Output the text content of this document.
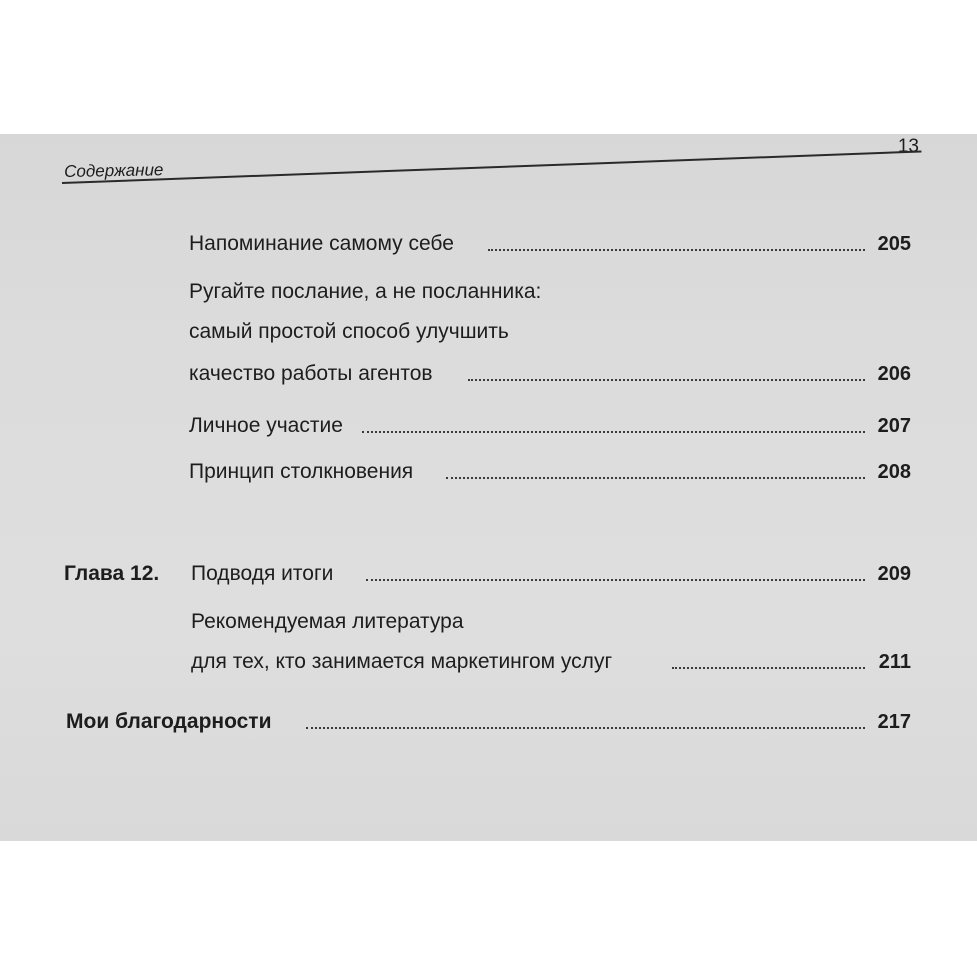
Содержание
13
Напоминание самому себе	205
Ругайте послание, а не посланника:
самый простой способ улучшить
качество работы агентов	206
Личное участие	207
Принцип столкновения	208
Глава 12. Подводя итоги	209
Рекомендуемая литература
для тех, кто занимается маркетингом услуг	211
Мои благодарности	217
